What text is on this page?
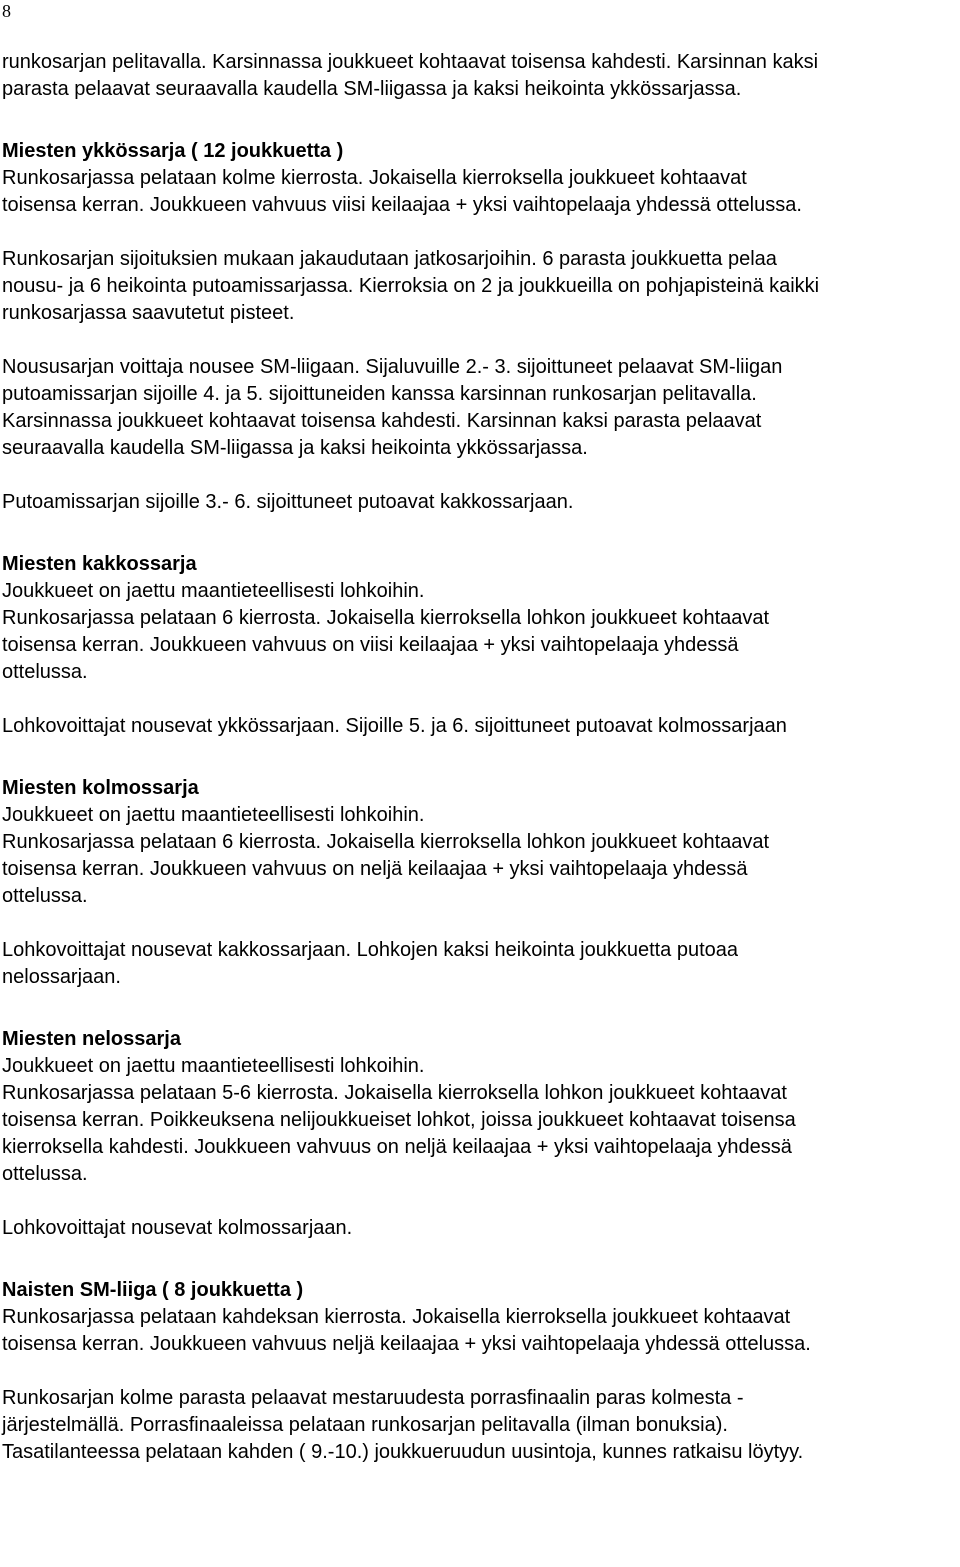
8
runkosarjan pelitavalla. Karsinnassa joukkueet kohtaavat toisensa kahdesti. Karsinnan kaksi
parasta pelaavat seuraavalla kaudella SM-liigassa ja kaksi heikointa ykkössarjassa.
Miesten ykkössarja ( 12 joukkuetta )
Runkosarjassa pelataan kolme kierrosta. Jokaisella kierroksella joukkueet kohtaavat
toisensa kerran. Joukkueen vahvuus viisi keilaajaa + yksi vaihtopelaaja yhdessä ottelussa.
Runkosarjan sijoituksien mukaan jakaudutaan jatkosarjoihin. 6 parasta joukkuetta pelaa
nousu- ja 6 heikointa putoamissarjassa. Kierroksia on 2 ja joukkueilla on pohjapisteinä kaikki
runkosarjassa saavutetut pisteet.
Noususarjan voittaja nousee SM-liigaan. Sijaluvuille 2.- 3. sijoittuneet pelaavat SM-liigan
putoamissarjan sijoille 4. ja 5. sijoittuneiden kanssa karsinnan runkosarjan pelitavalla.
Karsinnassa joukkueet kohtaavat toisensa kahdesti. Karsinnan kaksi parasta pelaavat
seuraavalla kaudella SM-liigassa ja kaksi heikointa ykkössarjassa.
Putoamissarjan sijoille 3.- 6. sijoittuneet putoavat kakkossarjaan.
Miesten kakkossarja
Joukkueet on jaettu maantieteellisesti lohkoihin.
Runkosarjassa pelataan 6 kierrosta. Jokaisella kierroksella lohkon joukkueet kohtaavat
toisensa kerran. Joukkueen vahvuus on viisi keilaajaa + yksi vaihtopelaaja yhdessä
ottelussa.
Lohkovoittajat nousevat ykkössarjaan. Sijoille 5. ja 6. sijoittuneet putoavat kolmossarjaan
Miesten kolmossarja
Joukkueet on jaettu maantieteellisesti lohkoihin.
Runkosarjassa pelataan 6 kierrosta. Jokaisella kierroksella lohkon joukkueet kohtaavat
toisensa kerran. Joukkueen vahvuus on neljä keilaajaa + yksi vaihtopelaaja yhdessä
ottelussa.
Lohkovoittajat nousevat kakkossarjaan. Lohkojen kaksi heikointa joukkuetta putoaa
nelossarjaan.
Miesten nelossarja
Joukkueet on jaettu maantieteellisesti lohkoihin.
Runkosarjassa pelataan 5-6 kierrosta. Jokaisella kierroksella lohkon joukkueet kohtaavat
toisensa kerran. Poikkeuksena nelijoukkueiset lohkot, joissa joukkueet kohtaavat toisensa
kierroksella kahdesti. Joukkueen vahvuus on neljä keilaajaa + yksi vaihtopelaaja yhdessä
ottelussa.
Lohkovoittajat nousevat kolmossarjaan.
Naisten SM-liiga ( 8 joukkuetta )
Runkosarjassa pelataan kahdeksan kierrosta. Jokaisella kierroksella joukkueet kohtaavat
toisensa kerran. Joukkueen vahvuus neljä keilaajaa + yksi vaihtopelaaja yhdessä ottelussa.
Runkosarjan kolme parasta pelaavat mestaruudesta porrasfinaalin paras kolmesta -
järjestelmällä. Porrasfinaaleissa pelataan runkosarjan pelitavalla (ilman bonuksia).
Tasatilanteessa pelataan kahden ( 9.-10.) joukkueruudun uusintoja, kunnes ratkaisu löytyy.
